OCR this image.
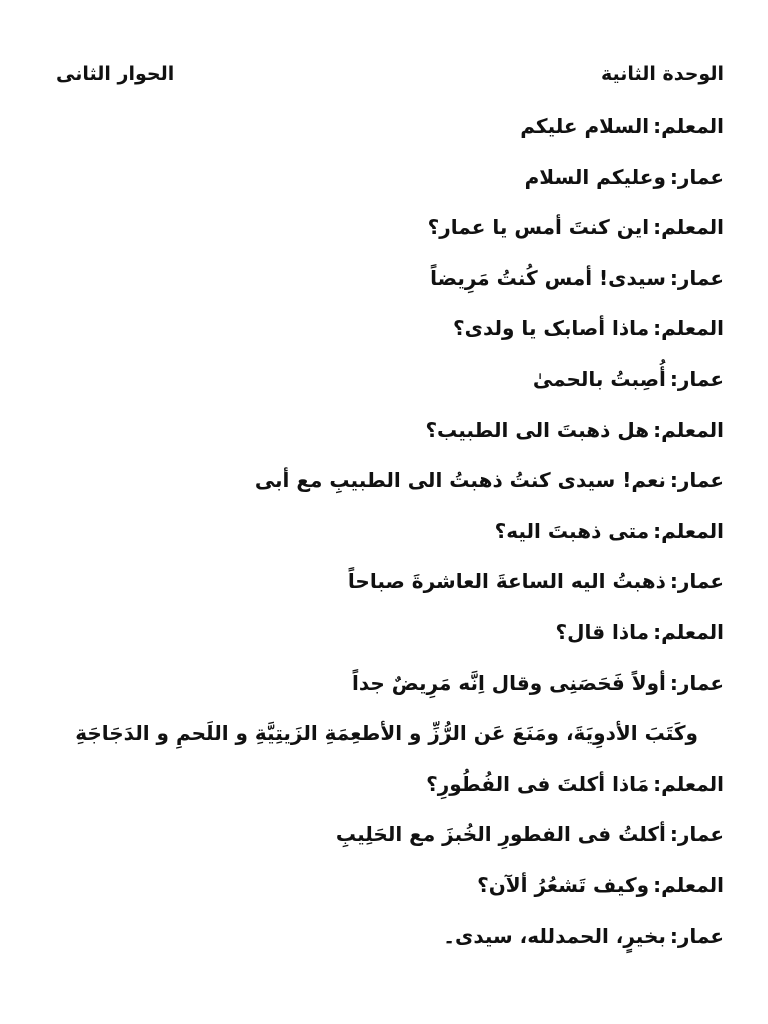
الوحدة الثانية
الحوار الثانى
المعلم :السلام عليكم
عمار :وعليكم السلام
المعلم :اين كنتَ أمس يا عمار؟
عمار :سيدى! أمس كُنتُ مَرِيضاً
المعلم :ماذا أصابک یا ولدى؟
عمار :أُصِبتُ بالحمىٰ
المعلم :هل ذهبتَ الى الطبيب؟
عمار :نعم! سيدى كنتُ ذهبتُ الى الطبيبِ مع أبى
المعلم :متى ذهبتَ اليه؟
عمار :ذهبتُ اليه الساعةَ العاشرةَ صباحاً
المعلم :ماذا قال؟
عمار :أولاً فَحَصَنِى وقال اِنَّه مَرِيضٌ جداً
وكَتَبَ الأدوِيَةَ، ومَنَعَ عَن الرُّزِّ و الأطعِمَةِ الزَيتِيَّةِ و اللَحمِ و الدَجَاجَةِ
المعلم :مَاذا أكلتَ فى الفُطُورِ؟
عمار :أكلتُ فى الفطورِ الخُبزَ مع الحَلِيبِ
المعلم :وكيف تَشعُرُ ألآن؟
عمار :بخيرٍ، الحمدلله، سيدى۔
